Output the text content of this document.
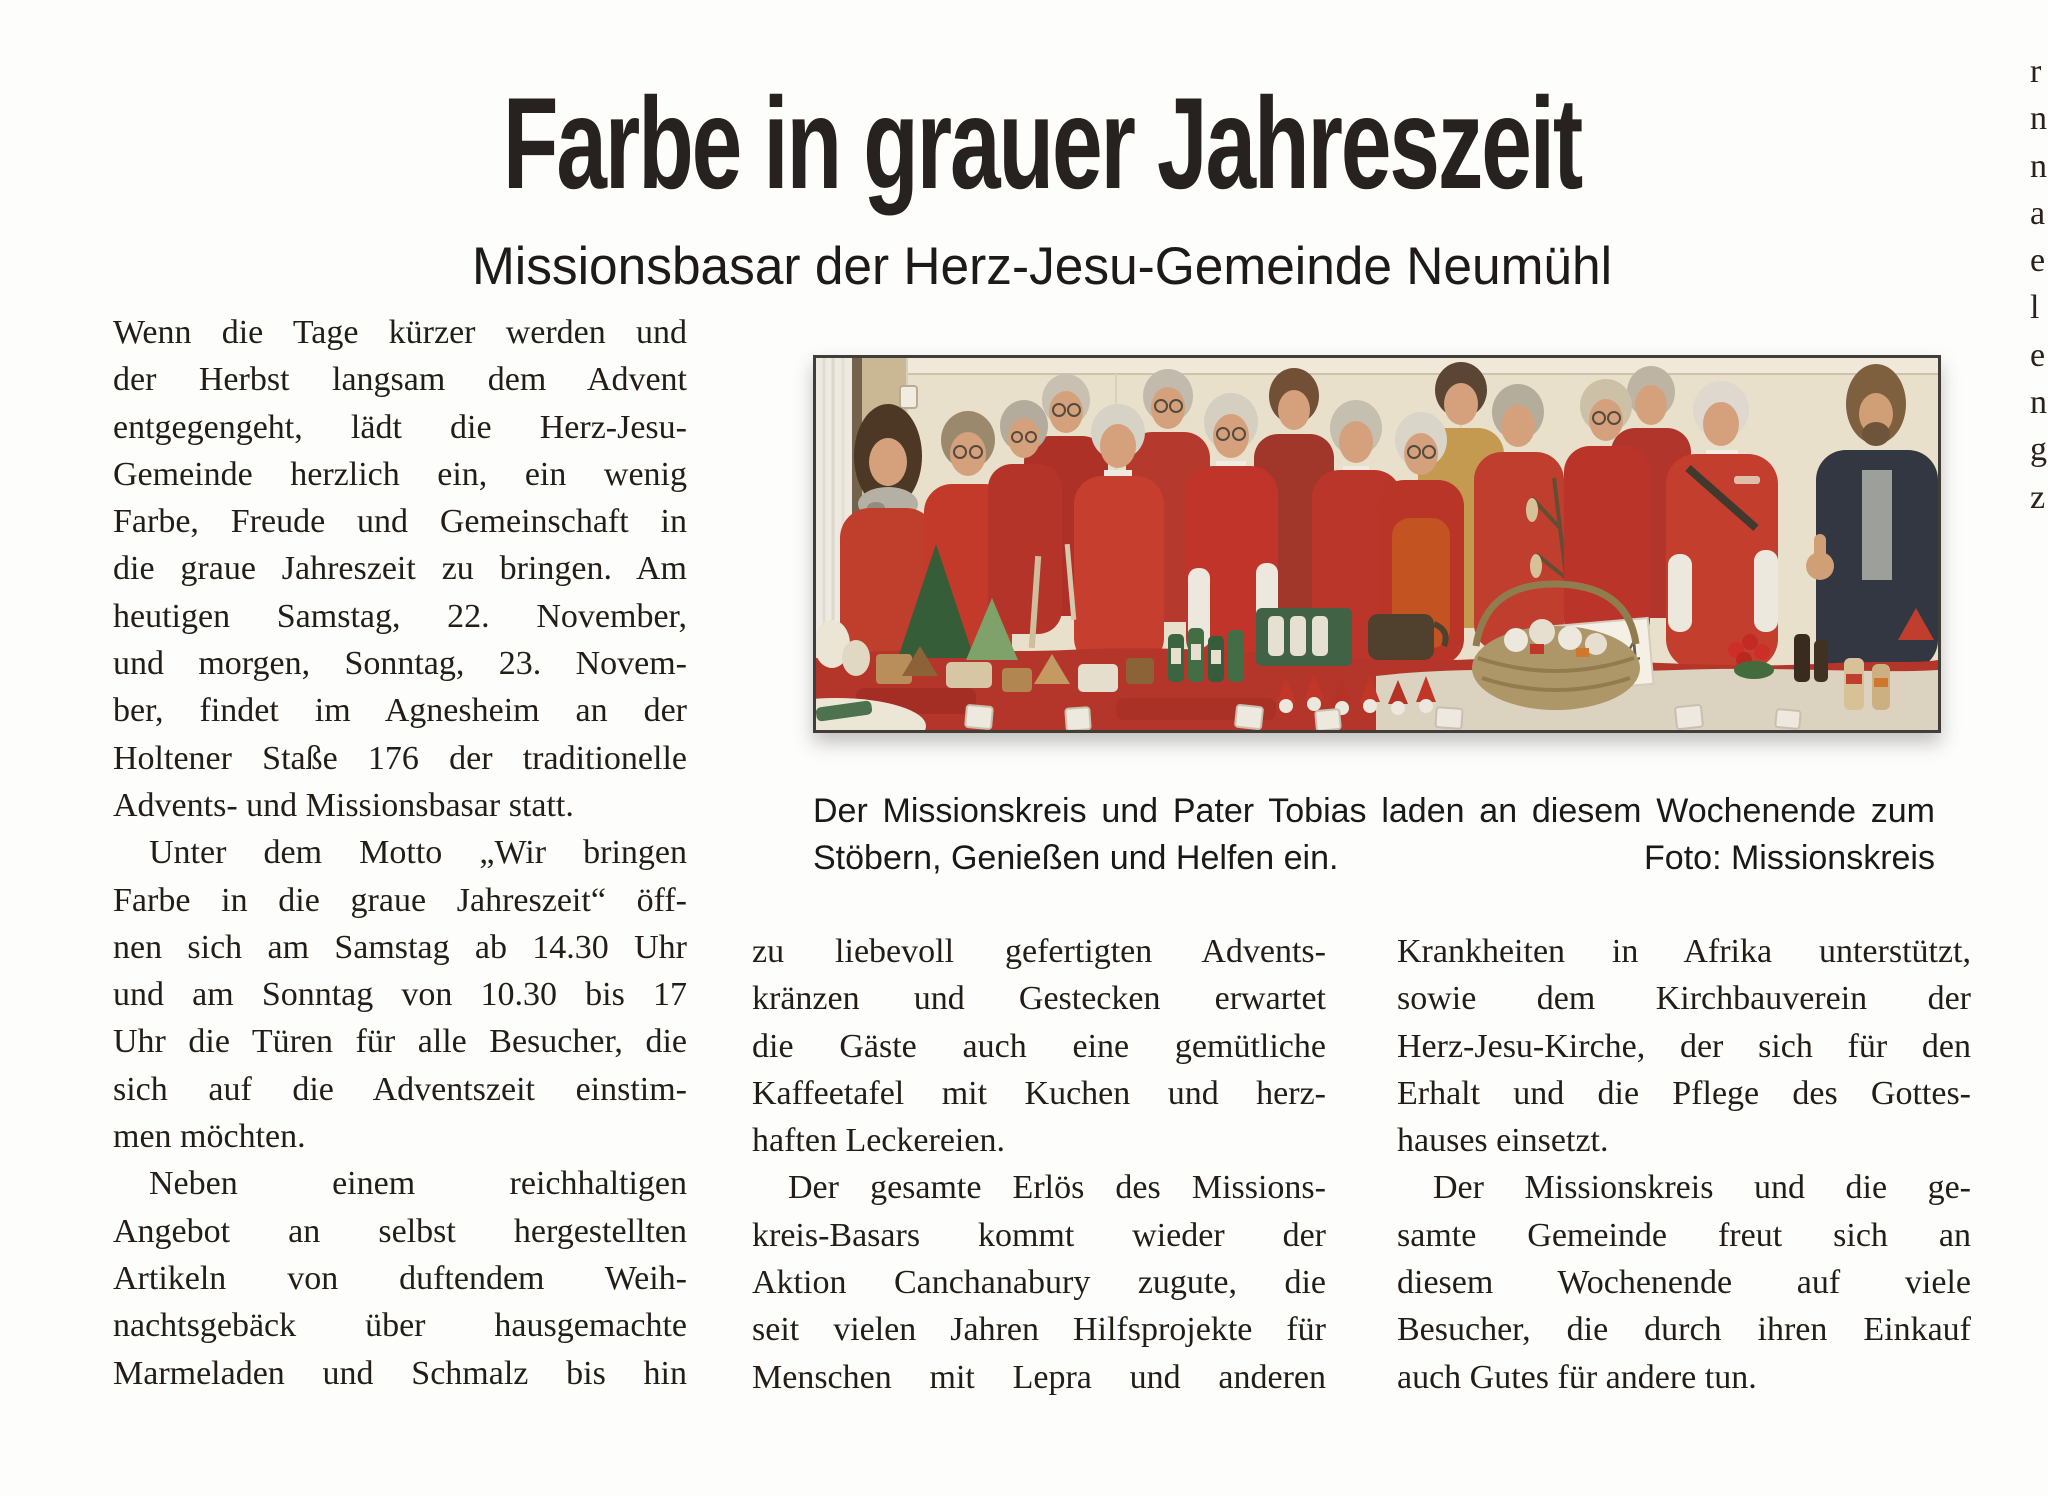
Farbe in grauer Jahreszeit
Missionsbasar der Herz-Jesu-Gemeinde Neumühl
Wenn die Tage kürzer werden und
der Herbst langsam dem Advent
entgegengeht, lädt die Herz-Jesu-
Gemeinde herzlich ein, ein wenig
Farbe, Freude und Gemeinschaft in
die graue Jahreszeit zu bringen. Am
heutigen Samstag, 22. November,
und morgen, Sonntag, 23. Novem-
ber, findet im Agnesheim an der
Holtener Staße 176 der traditionelle
Advents- und Missionsbasar statt.
Unter dem Motto „Wir bringen
Farbe in die graue Jahreszeit“ öff-
nen sich am Samstag ab 14.30 Uhr
und am Sonntag von 10.30 bis 17
Uhr die Türen für alle Besucher, die
sich auf die Adventszeit einstim-
men möchten.
Neben einem reichhaltigen
Angebot an selbst hergestellten
Artikeln von duftendem Weih-
nachtsgebäck über hausgemachte
Marmeladen und Schmalz bis hin
Der Missionskreis und Pater Tobias laden an diesem Wochenende zum
Stöbern, Genießen und Helfen ein.	Foto: Missionskreis
zu liebevoll gefertigten Advents-
kränzen und Gestecken erwartet
die Gäste auch eine gemütliche
Kaffeetafel mit Kuchen und herz-
haften Leckereien.
Der gesamte Erlös des Missions-
kreis-Basars kommt wieder der
Aktion Canchanabury zugute, die
seit vielen Jahren Hilfsprojekte für
Menschen mit Lepra und anderen
Krankheiten in Afrika unterstützt,
sowie dem Kirchbauverein der
Herz-Jesu-Kirche, der sich für den
Erhalt und die Pflege des Gottes-
hauses einsetzt.
Der Missionskreis und die ge-
samte Gemeinde freut sich an
diesem Wochenende auf viele
Besucher, die durch ihren Einkauf
auch Gutes für andere tun.
r
n
n
a
e
l
e
n
g
z
